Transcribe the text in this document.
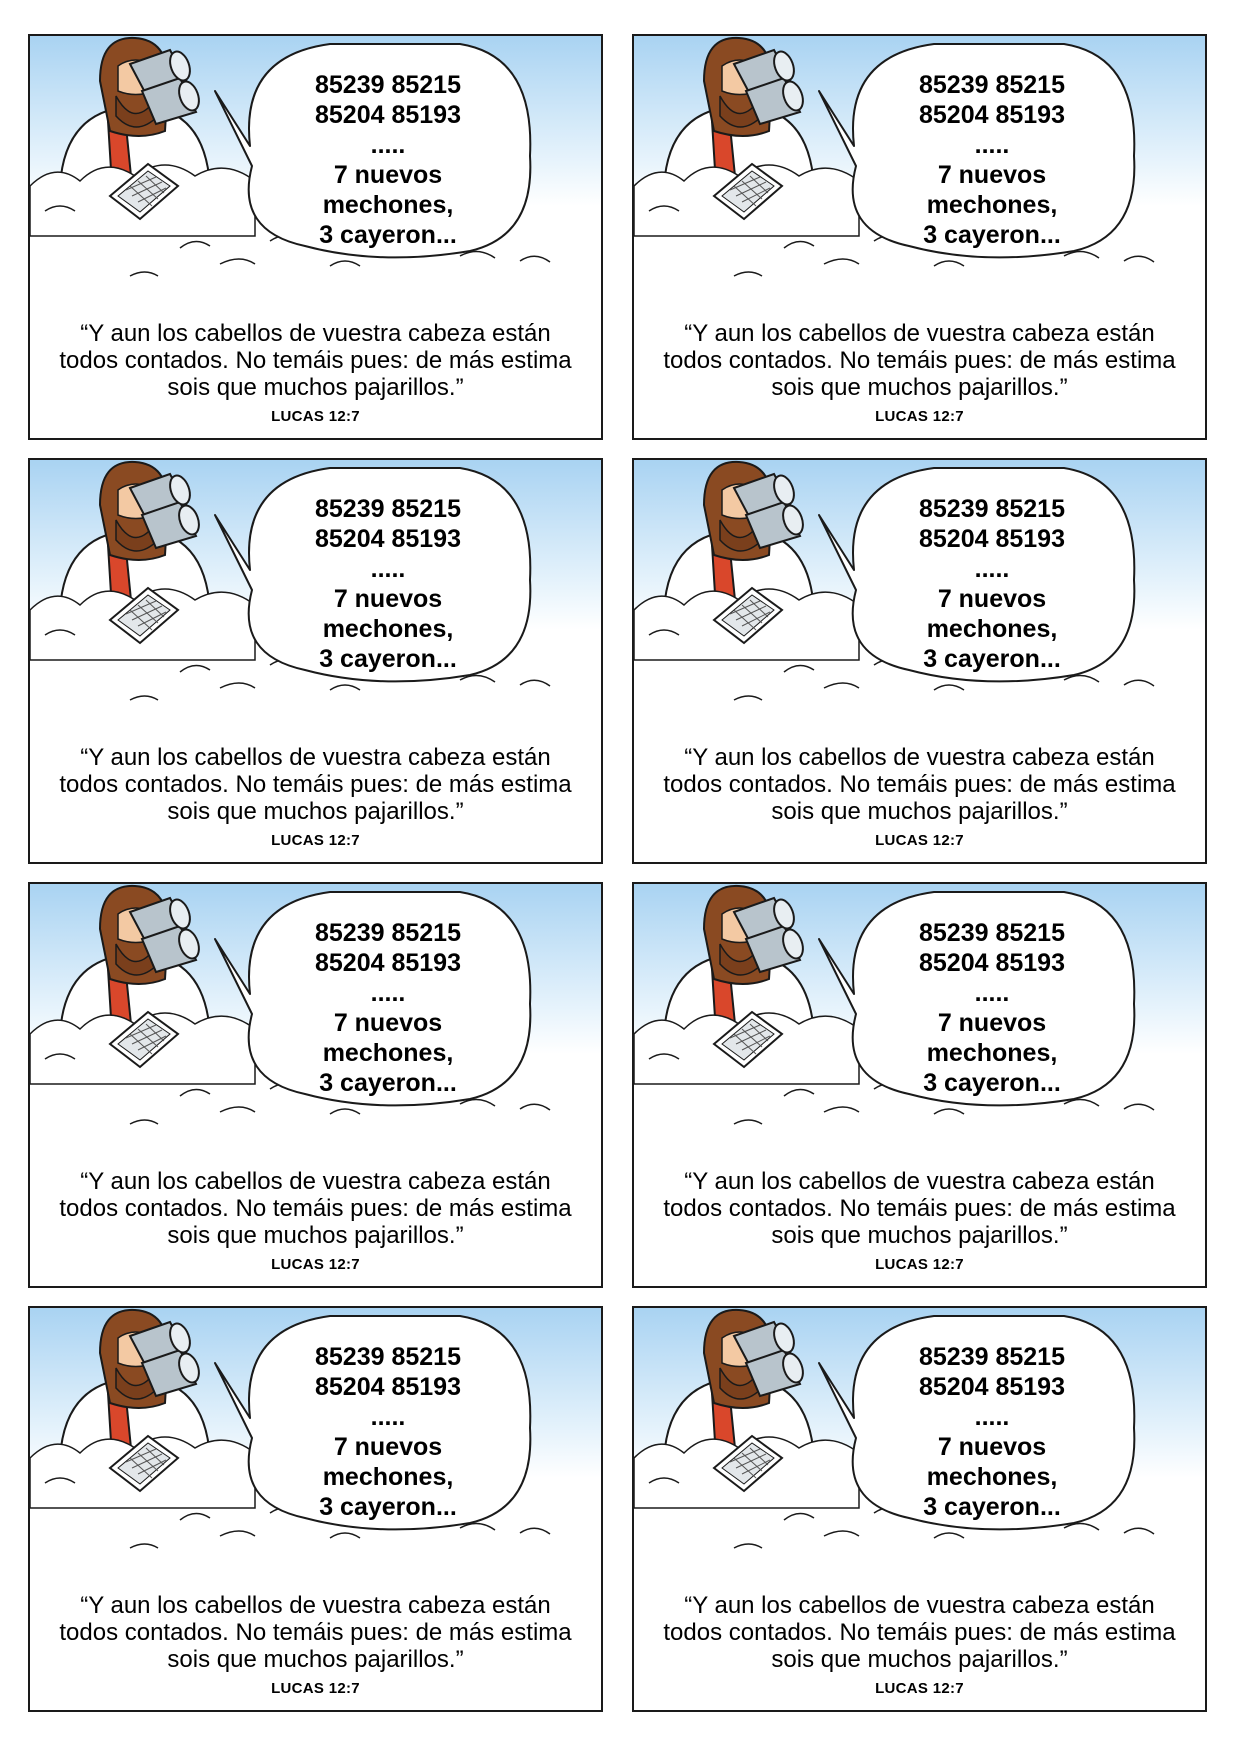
85239 85215
85204 85193
.....
7 nuevos
mechones,
3 cayeron...
“Y aun los cabellos de vuestra cabeza están
todos contados. No temáis pues: de más estima
sois que muchos pajarillos.”
LUCAS 12:7
85239 85215
85204 85193
.....
7 nuevos
mechones,
3 cayeron...
“Y aun los cabellos de vuestra cabeza están
todos contados. No temáis pues: de más estima
sois que muchos pajarillos.”
LUCAS 12:7
85239 85215
85204 85193
.....
7 nuevos
mechones,
3 cayeron...
“Y aun los cabellos de vuestra cabeza están
todos contados. No temáis pues: de más estima
sois que muchos pajarillos.”
LUCAS 12:7
85239 85215
85204 85193
.....
7 nuevos
mechones,
3 cayeron...
“Y aun los cabellos de vuestra cabeza están
todos contados. No temáis pues: de más estima
sois que muchos pajarillos.”
LUCAS 12:7
85239 85215
85204 85193
.....
7 nuevos
mechones,
3 cayeron...
“Y aun los cabellos de vuestra cabeza están
todos contados. No temáis pues: de más estima
sois que muchos pajarillos.”
LUCAS 12:7
85239 85215
85204 85193
.....
7 nuevos
mechones,
3 cayeron...
“Y aun los cabellos de vuestra cabeza están
todos contados. No temáis pues: de más estima
sois que muchos pajarillos.”
LUCAS 12:7
85239 85215
85204 85193
.....
7 nuevos
mechones,
3 cayeron...
“Y aun los cabellos de vuestra cabeza están
todos contados. No temáis pues: de más estima
sois que muchos pajarillos.”
LUCAS 12:7
85239 85215
85204 85193
.....
7 nuevos
mechones,
3 cayeron...
“Y aun los cabellos de vuestra cabeza están
todos contados. No temáis pues: de más estima
sois que muchos pajarillos.”
LUCAS 12:7
